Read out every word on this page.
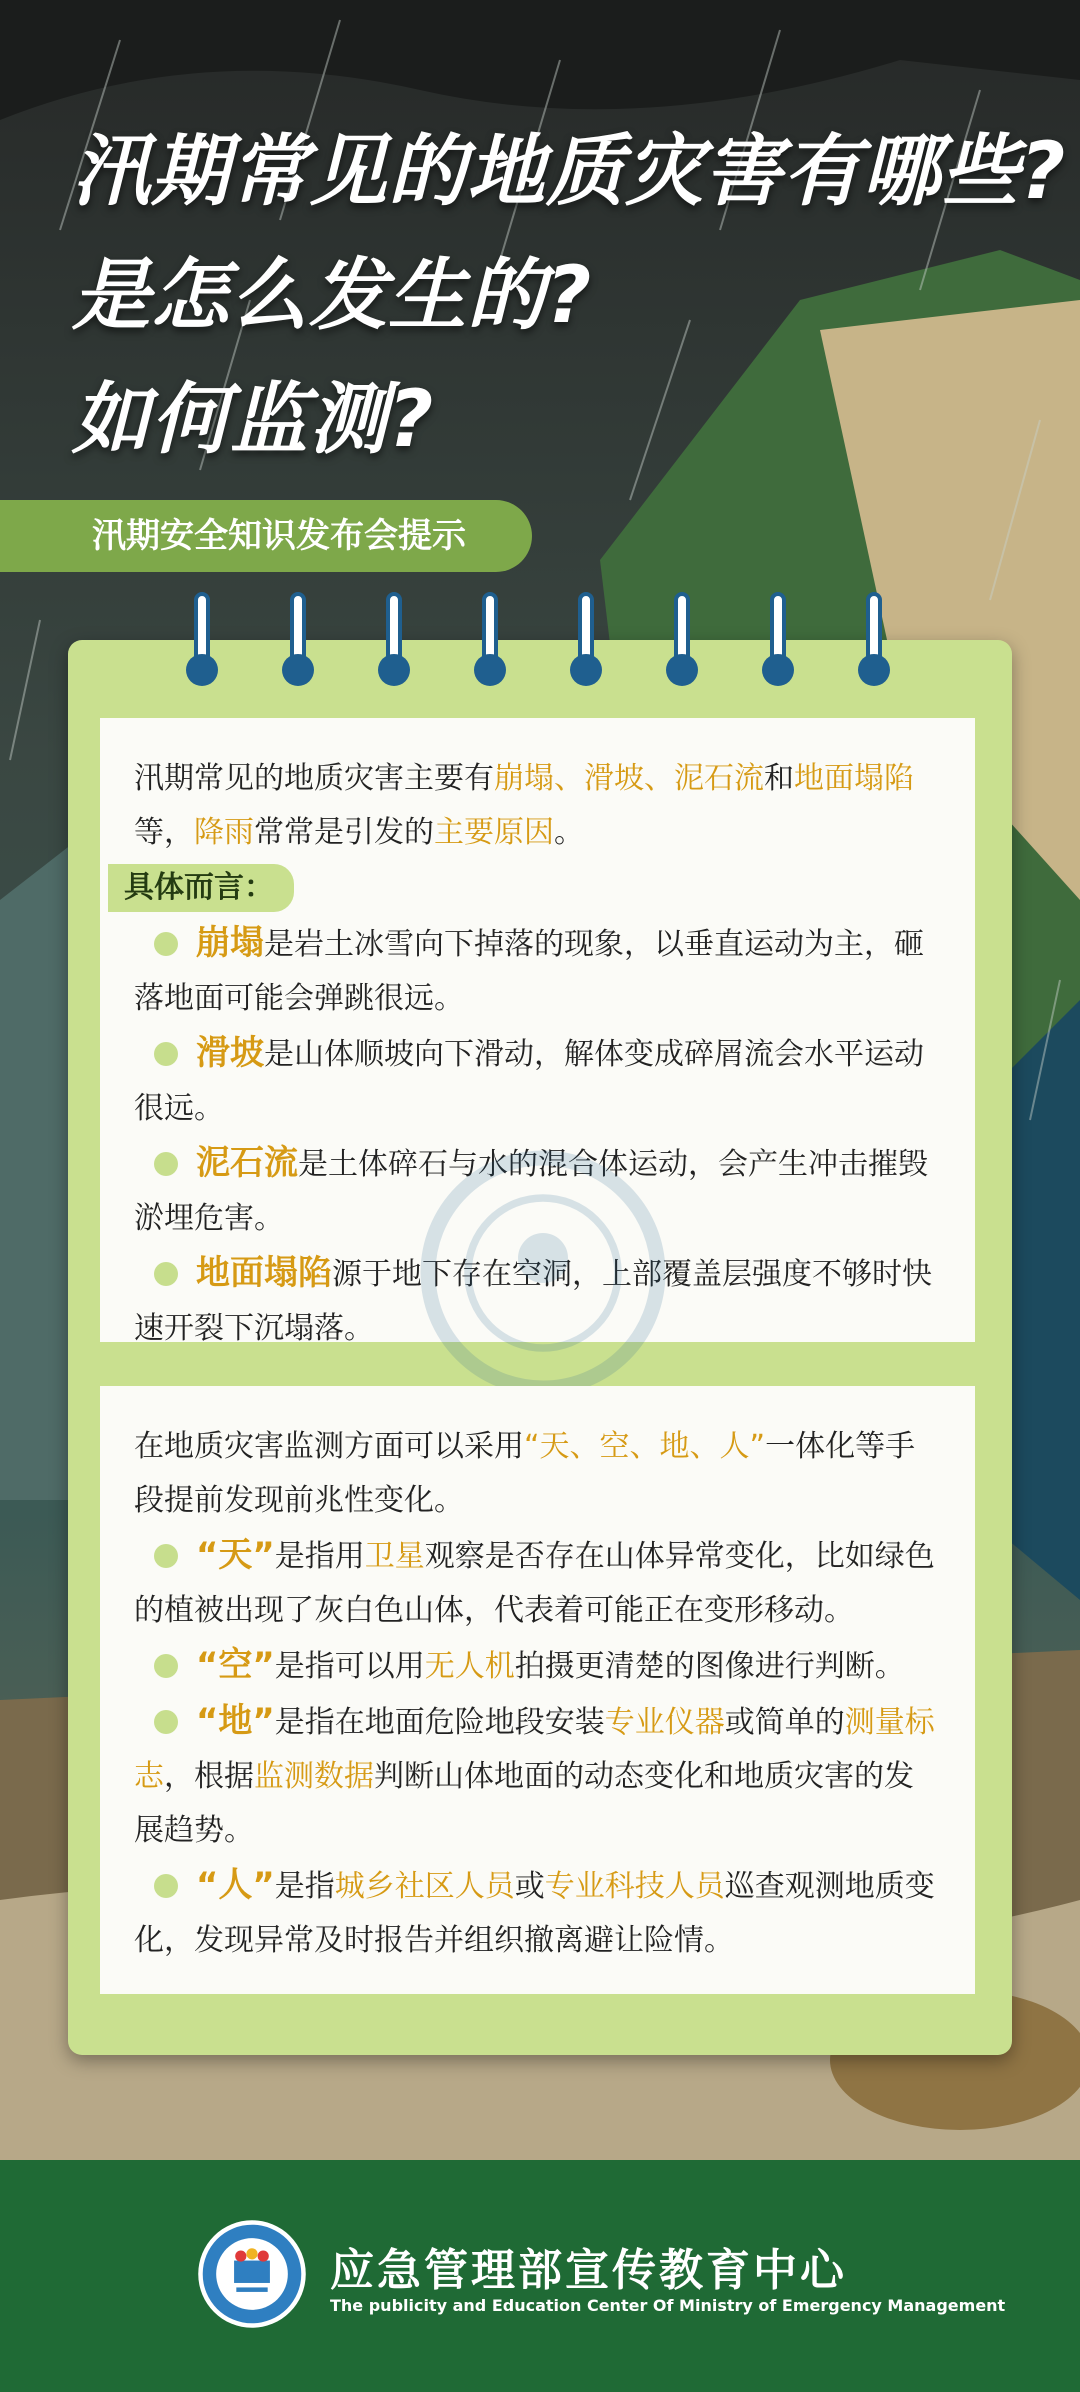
汛期常见的地质灾害有哪些?
是怎么发生的?
如何监测?
汛期安全知识发布会提示

汛期常见的地质灾害主要有崩塌、滑坡、泥石流和地面塌陷等，降雨常常是引发的主要原因。

具体而言：

崩塌是岩土冰雪向下掉落的现象，以垂直运动为主，砸落地面可能会弹跳很远。

滑坡是山体顺坡向下滑动，解体变成碎屑流会水平运动很远。

泥石流是土体碎石与水的混合体运动，会产生冲击摧毁淤埋危害。

地面塌陷源于地下存在空洞，上部覆盖层强度不够时快速开裂下沉塌落。

在地质灾害监测方面可以采用“天、空、地、人”一体化等手段提前发现前兆性变化。

“天”是指用卫星观察是否存在山体异常变化，比如绿色的植被出现了灰白色山体，代表着可能正在变形移动。

“空”是指可以用无人机拍摄更清楚的图像进行判断。

“地”是指在地面危险地段安装专业仪器或简单的测量标志，根据监测数据判断山体地面的动态变化和地质灾害的发展趋势。

“人”是指城乡社区人员或专业科技人员巡查观测地质变化，发现异常及时报告并组织撤离避让险情。

应急管理部宣传教育中心
The publicity and Education Center Of Ministry of Emergency Management
